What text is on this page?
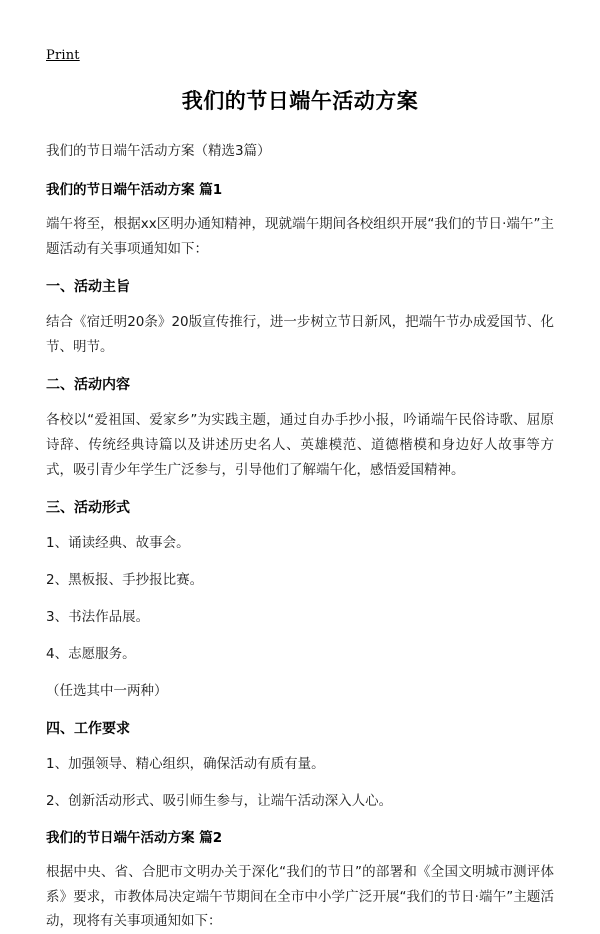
Print
我们的节日端午活动方案

我们的节日端午活动方案（精选3篇）

我们的节日端午活动方案 篇1

端午将至，根据xx区明办通知精神，现就端午期间各校组织开展“我们的节日·端午”主题活动有关事项通知如下：

一、活动主旨

结合《宿迁明20条》20版宣传推行，进一步树立节日新风，把端午节办成爱国节、化节、明节。

二、活动内容

各校以“爱祖国、爱家乡”为实践主题，通过自办手抄小报，吟诵端午民俗诗歌、屈原诗辞、传统经典诗篇以及讲述历史名人、英雄模范、道德楷模和身边好人故事等方式，吸引青少年学生广泛参与，引导他们了解端午化，感悟爱国精神。

三、活动形式

1、诵读经典、故事会。

2、黑板报、手抄报比赛。

3、书法作品展。

4、志愿服务。

（任选其中一两种）

四、工作要求

1、加强领导、精心组织，确保活动有质有量。

2、创新活动形式、吸引师生参与，让端午活动深入人心。

我们的节日端午活动方案 篇2

根据中央、省、合肥市文明办关于深化“我们的节日”的部署和《全国文明城市测评体系》要求，市教体局决定端午节期间在全市中小学广泛开展“我们的节日·端午”主题活动，现将有关事项通知如下：
